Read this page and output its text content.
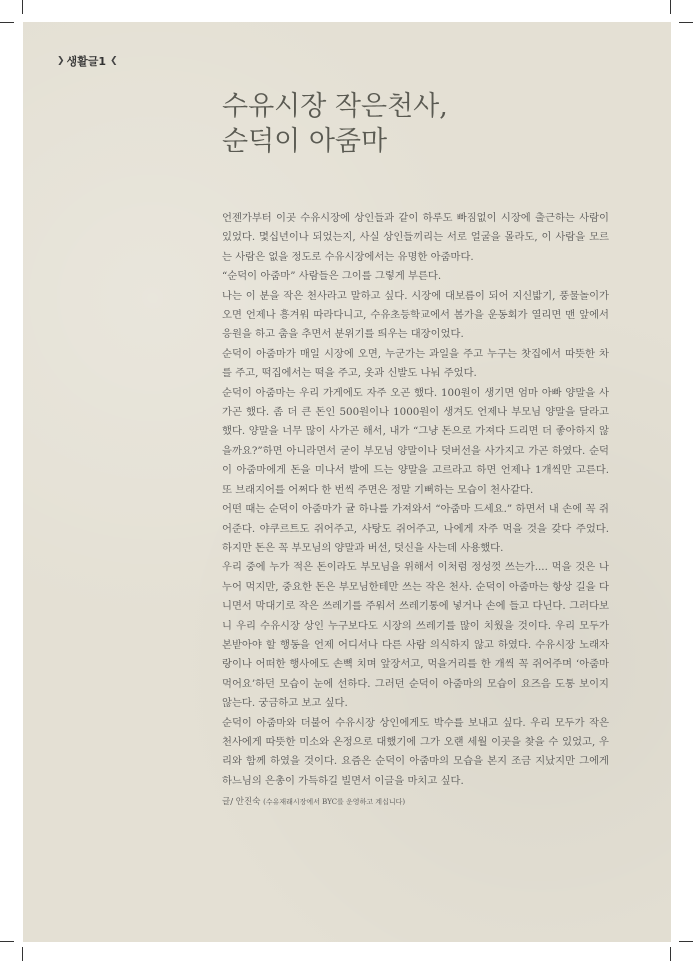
❯ 생활글1 ❮
수유시장 작은천사,
순덕이 아줌마

언젠가부터 이곳 수유시장에 상인들과 같이 하루도 빠짐없이 시장에 출근하는 사람이 있었다. 몇십년이나 되었는지, 사실 상인들끼리는 서로 얼굴을 몰라도, 이 사람을 모르는 사람은 없을 정도로 수유시장에서는 유명한 아줌마다.

“순덕이 아줌마” 사람들은 그이를 그렇게 부른다.

나는 이 분을 작은 천사라고 말하고 싶다. 시장에 대보름이 되어 지신밟기, 풍물놀이가 오면 언제나 흥겨워 따라다니고, 수유초등학교에서 봄가을 운동회가 열리면 맨 앞에서 응원을 하고 춤을 추면서 분위기를 띄우는 대장이었다.

순덕이 아줌마가 매일 시장에 오면, 누군가는 과일을 주고 누구는 찻집에서 따뜻한 차를 주고, 떡집에서는 떡을 주고, 옷과 신발도 나눠 주었다.

순덕이 아줌마는 우리 가게에도 자주 오곤 했다. 100원이 생기면 엄마 아빠 양말을 사가곤 했다. 좀 더 큰 돈인 500원이나 1000원이 생겨도 언제나 부모님 양말을 달라고 했다. 양말을 너무 많이 사가곤 해서, 내가 “그냥 돈으로 가져다 드리면 더 좋아하지 않을까요?”하면 아니라면서 굳이 부모님 양말이나 덧버선을 사가지고 가곤 하였다. 순덕이 아줌마에게 돈을 미나서 발에 드는 양말을 고르라고 하면 언제나 1개씩만 고른다. 또 브래지어를 어쩌다 한 번씩 주면은 정말 기뻐하는 모습이 천사같다.

어떤 때는 순덕이 아줌마가 귤 하나를 가져와서 “아줌마 드세요.” 하면서 내 손에 꼭 쥐어준다. 야쿠르트도 쥐어주고, 사탕도 쥐어주고, 나에게 자주 먹을 것을 갖다 주었다. 하지만 돈은 꼭 부모님의 양말과 버선, 덧신을 사는데 사용했다.

우리 중에 누가 적은 돈이라도 부모님을 위해서 이처럼 정성껏 쓰는가.... 먹을 것은 나누어 먹지만, 중요한 돈은 부모님한테만 쓰는 작은 천사. 순덕이 아줌마는 항상 길을 다니면서 막대기로 작은 쓰레기를 주워서 쓰레기통에 넣거나 손에 들고 다닌다. 그러다보니 우리 수유시장 상인 누구보다도 시장의 쓰레기를 많이 치웠을 것이다. 우리 모두가 본받아야 할 행동을 언제 어디서나 다른 사람 의식하지 않고 하였다. 수유시장 노래자랑이나 어떠한 행사에도 손뼉 치며 앞장서고, 먹을거리를 한 개씩 꼭 쥐어주며 ‘아줌마 먹어요’하던 모습이 눈에 선하다. 그러던 순덕이 아줌마의 모습이 요즈음 도통 보이지 않는다. 궁금하고 보고 싶다.

순덕이 아줌마와 더불어 수유시장 상인에게도 박수를 보내고 싶다. 우리 모두가 작은 천사에게 따뜻한 미소와 온정으로 대했기에 그가 오랜 세월 이곳을 찾을 수 있었고, 우리와 함께 하였을 것이다. 요즘은 순덕이 아줌마의 모습을 본지 조금 지났지만 그에게 하느님의 은총이 가득하길 빌면서 이글을 마치고 싶다.

글/ 안진숙 (수유재래시장에서 BYC를 운영하고 계십니다)
